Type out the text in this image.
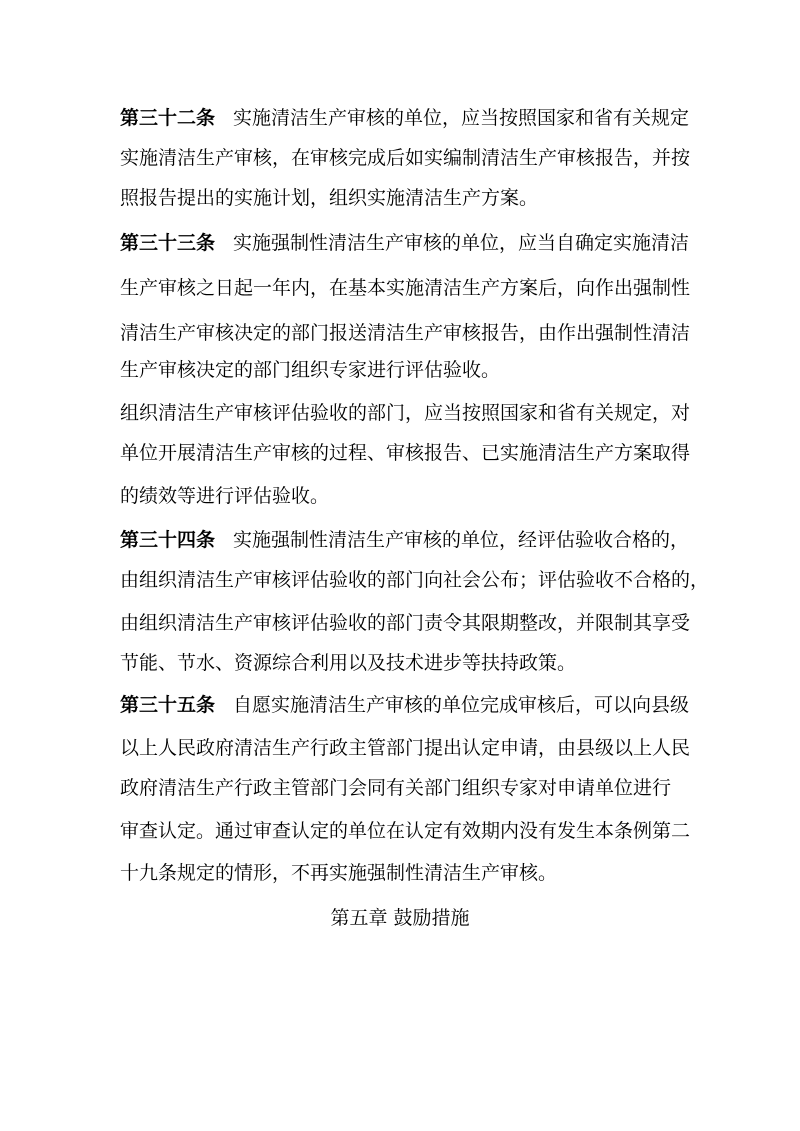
第三十二条 实施清洁生产审核的单位，应当按照国家和省有关规定
实施清洁生产审核，在审核完成后如实编制清洁生产审核报告，并按
照报告提出的实施计划，组织实施清洁生产方案。
第三十三条 实施强制性清洁生产审核的单位，应当自确定实施清洁
生产审核之日起一年内，在基本实施清洁生产方案后，向作出强制性
清洁生产审核决定的部门报送清洁生产审核报告，由作出强制性清洁
生产审核决定的部门组织专家进行评估验收。
组织清洁生产审核评估验收的部门，应当按照国家和省有关规定，对
单位开展清洁生产审核的过程、审核报告、已实施清洁生产方案取得
的绩效等进行评估验收。
第三十四条 实施强制性清洁生产审核的单位，经评估验收合格的，
由组织清洁生产审核评估验收的部门向社会公布；评估验收不合格的，
由组织清洁生产审核评估验收的部门责令其限期整改，并限制其享受
节能、节水、资源综合利用以及技术进步等扶持政策。
第三十五条 自愿实施清洁生产审核的单位完成审核后，可以向县级
以上人民政府清洁生产行政主管部门提出认定申请，由县级以上人民
政府清洁生产行政主管部门会同有关部门组织专家对申请单位进行
审查认定。通过审查认定的单位在认定有效期内没有发生本条例第二
十九条规定的情形，不再实施强制性清洁生产审核。
第五章 鼓励措施
